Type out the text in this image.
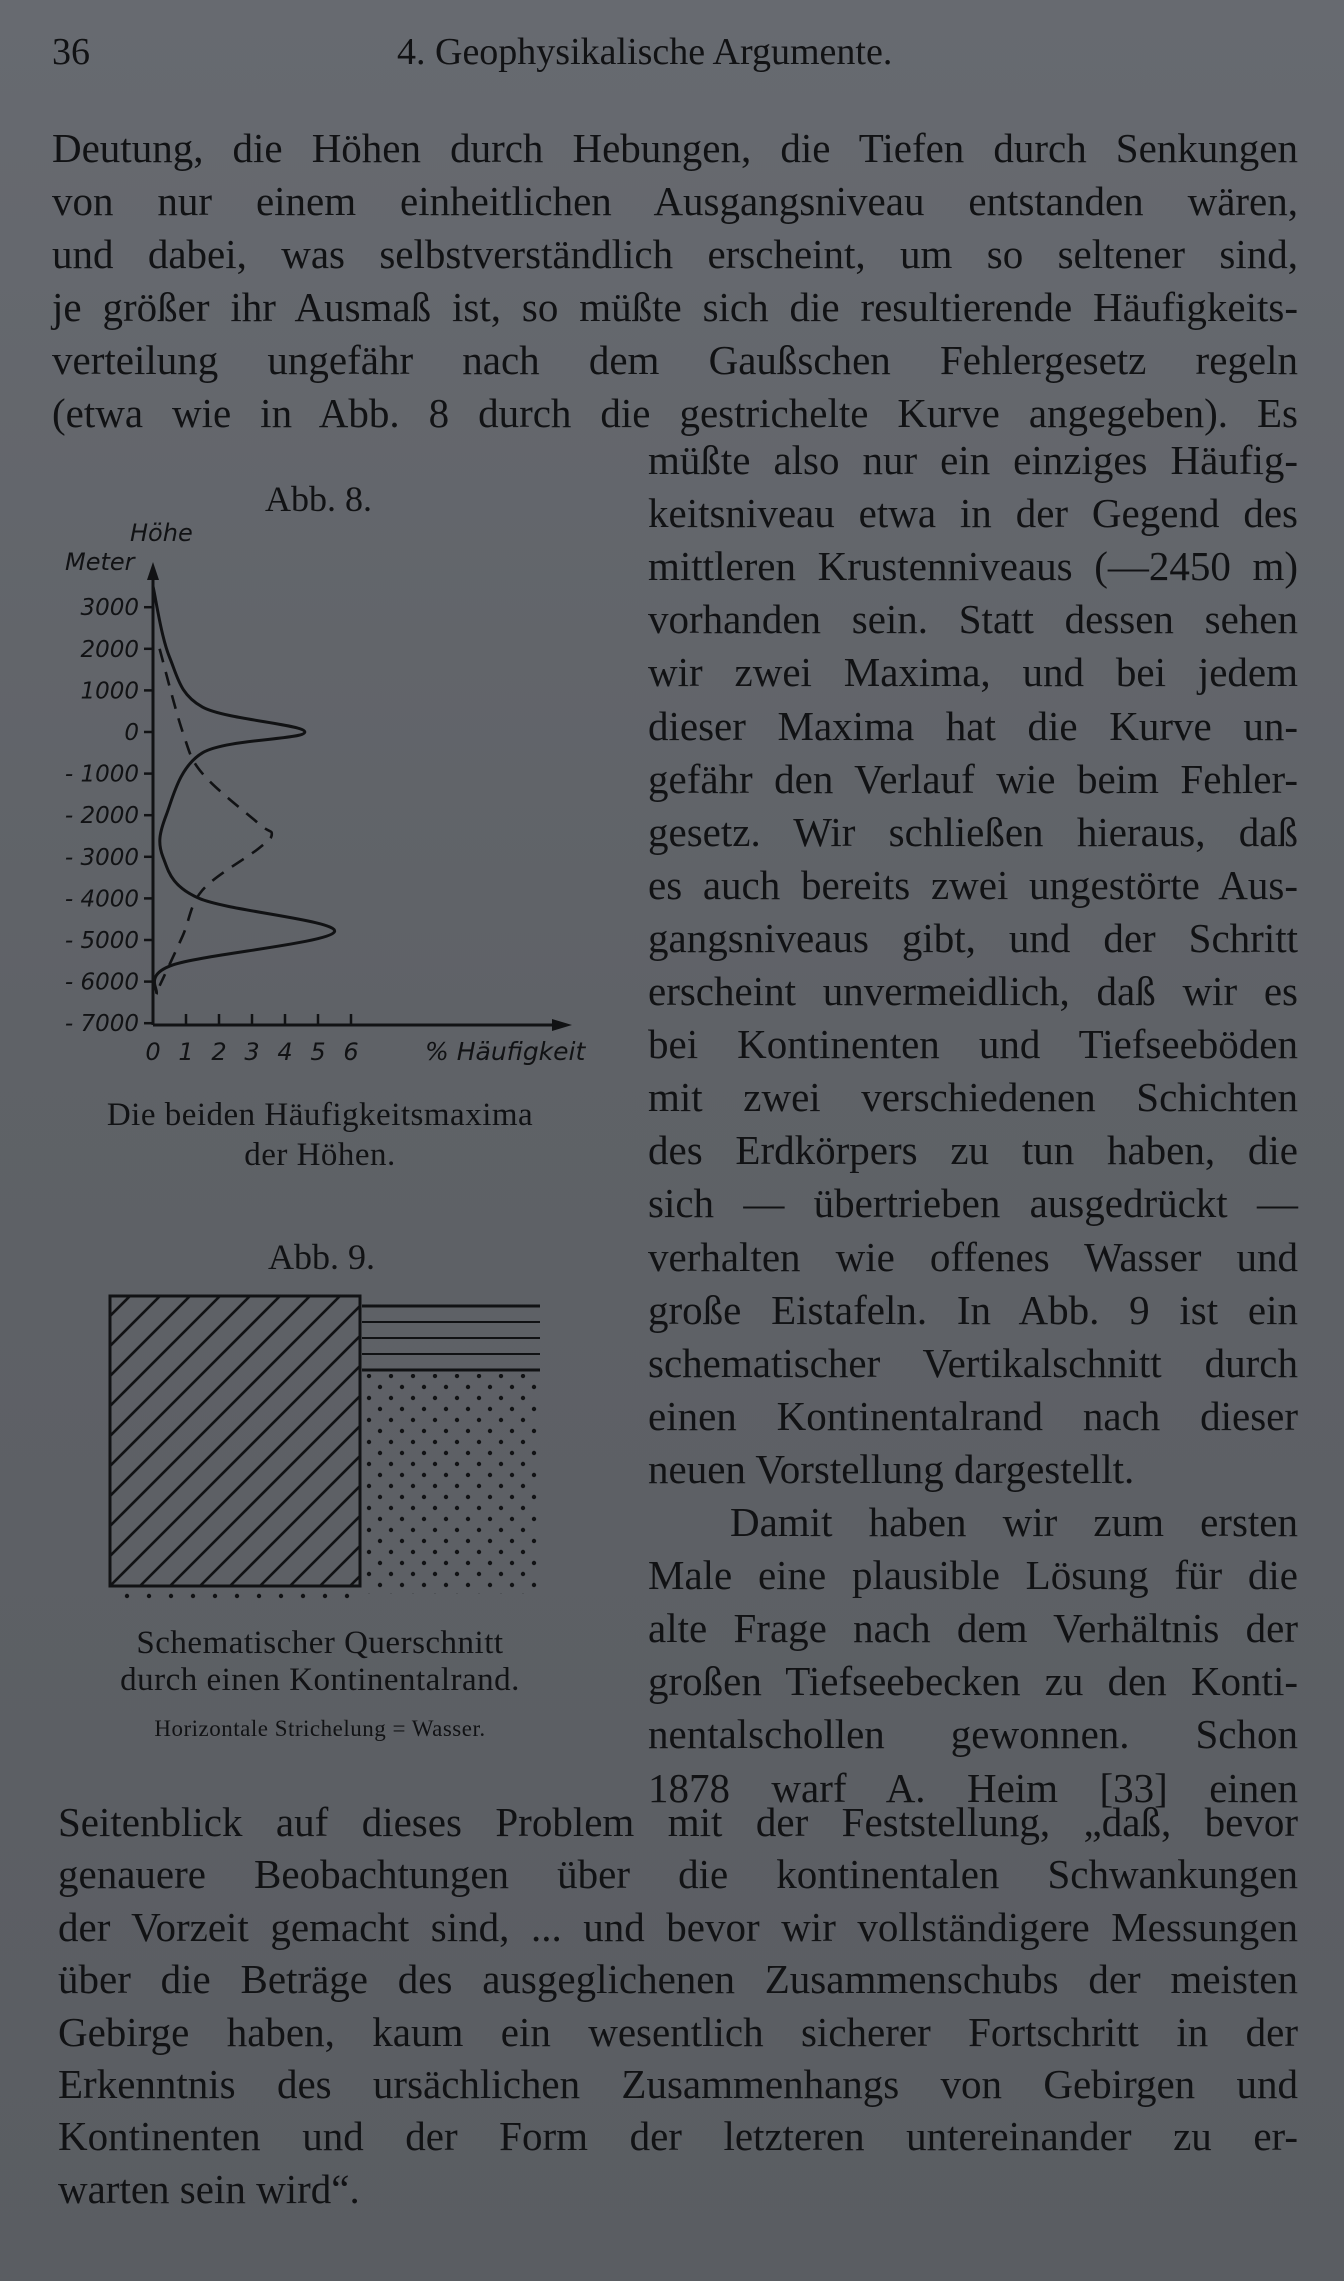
36	4. Geophysikalische Argumente.
Deutung, die Höhen durch Hebungen, die Tiefen durch Senkungen
von nur einem einheitlichen Ausgangsniveau entstanden wären,
und dabei, was selbstverständlich erscheint, um so seltener sind,
je größer ihr Ausmaß ist, so müßte sich die resultierende Häufigkeits-
verteilung ungefähr nach dem Gaußschen Fehlergesetz regeln
(etwa wie in Abb. 8 durch die gestrichelte Kurve angegeben). Es
müßte also nur ein einziges Häufig-
keitsniveau etwa in der Gegend des
mittleren Krustenniveaus (—2450 m)
vorhanden sein. Statt dessen sehen
wir zwei Maxima, und bei jedem
dieser Maxima hat die Kurve un-
gefähr den Verlauf wie beim Fehler-
gesetz. Wir schließen hieraus, daß
es auch bereits zwei ungestörte Aus-
gangsniveaus gibt, und der Schritt
erscheint unvermeidlich, daß wir es
bei Kontinenten und Tiefseeböden
mit zwei verschiedenen Schichten
des Erdkörpers zu tun haben, die
sich — übertrieben ausgedrückt —
verhalten wie offenes Wasser und
große Eistafeln. In Abb. 9 ist ein
schematischer Vertikalschnitt durch
einen Kontinentalrand nach dieser
neuen Vorstellung dargestellt.
Damit haben wir zum ersten
Male eine plausible Lösung für die
alte Frage nach dem Verhältnis der
großen Tiefseebecken zu den Konti-
nentalschollen gewonnen. Schon
1878 warf A. Heim [33] einen
Seitenblick auf dieses Problem mit der Feststellung, „daß, bevor
genauere Beobachtungen über die kontinentalen Schwankungen
der Vorzeit gemacht sind, ... und bevor wir vollständigere Messungen
über die Beträge des ausgeglichenen Zusammenschubs der meisten
Gebirge haben, kaum ein wesentlich sicherer Fortschritt in der
Erkenntnis des ursächlichen Zusammenhangs von Gebirgen und
Kontinenten und der Form der letzteren untereinander zu er-
warten sein wird“.
Abb. 8.
Höhe
Meter
3000
2000
1000
0
- 1000
- 2000
- 3000
- 4000
- 5000
- 6000
- 7000
0 1 2 3 4 5 6	% Häufigkeit
Die beiden Häufigkeitsmaxima
der Höhen.
Abb. 9.
Schematischer Querschnitt
durch einen Kontinentalrand.
Horizontale Strichelung = Wasser.
